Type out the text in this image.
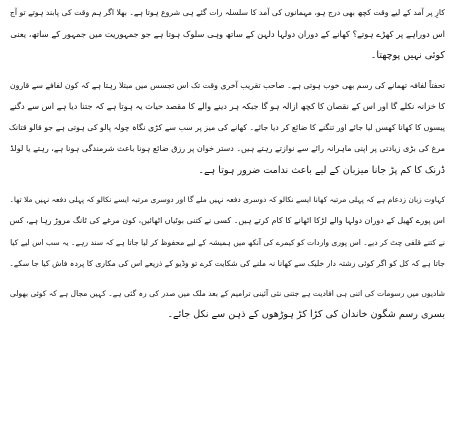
کارِ پر آمد کے لیے وقت کچھ بھی درج ہو، مہمانوں کی آمد کا سلسلہ رات گئے ہی شروع ہوتا ہے۔ بھلا اگر ہم وقت کی پابند ہوتے تو آج
اس دوراہے پر کھڑے ہوتے؟ کھانے کے دوران دولہا دلہن کے ساتھ وہی سلوک ہوتا ہے جو جمہوریت میں جمہور کے ساتھ، یعنی
کوئی نہیں پوچھتا۔
تحفتاً لفافہ تھمانے کی رسم بھی خوب ہوتی ہے۔ صاحب تقریب آخری وقت تک اس تجسس میں مبتلا رہتا ہے کہ کون لفافے سے قارون
کا خزانہ نکلے گا اور اس کے نقصان کا کچھ ازالہ ہو گا جبکہ ہر دینے والے کا مقصد حیات یہ ہوتا ہے کہ جتنا دیا ہے اس سے دگنے
پیسوں کا کھانا کھسں لیا جائے اور تنگنے کا ضائع کر دیا جائے۔ کھانے کی میز پر سب سے کڑی نگاہ چولہ پالو کی ہوتی ہے جو قالو قتانک
مرغ کی بڑی زیادتی پر اپنی ماہرانہ رائے سے نوازتے رہتے ہیں۔ دستر خوان پر رزق ضائع ہونا باعث شرمندگی ہونا ہے، رہتے یا لولڈ
ڈرنک کا کم پڑ جانا میزبان کے لیے باعث ندامت ضرور ہوتا ہے۔
کہاوت زبان زدعام ہے کہ پہلی مرتبہ کھانا ایسے نکالو کہ دوسری دفعہ نہیں ملے گا اور دوسری مرتبہ ایسے نکالو کہ پہلی دفعہ نہیں ملا تھا۔
اس پورے کھیل کے دوران دولہا والے لڑکا اٹھانے کا کام کرتے ہیں۔ کسی نے کتنی بوٹیاں اٹھائیں، کون مرغے کی ٹانگ مروڑ رہا ہے، کس
نے کتنے قلفی چٹ کر دیے۔ اس پوری واردات کو کیمرے کی آنکھ میں ہمیشہ کے لیے محفوظ کر لیا جاتا ہے کہ سند رہے۔ یہ سب اس لیے کیا
جاتا ہے کہ کل کو اگر کوئی رشتہ دار خلیک سے کھانا نہ ملنے کی شکایت کرے تو وڈیو کے ذریعے اس کی مکاری کا پردہ فاش کیا جا سکے۔
شادیوں میں رسومات کی اتنی ہی افادیت ہے جتنی نئی آئینی ترامیم کے بعد ملک میں صدر کی رہ گئی ہے۔ کہیں مجال ہے کہ کوئی بھولی
بسری رسم شگون خاندان کی کڑا کڑ ہوڑھوں کے ذہن سے نکل جائے۔
